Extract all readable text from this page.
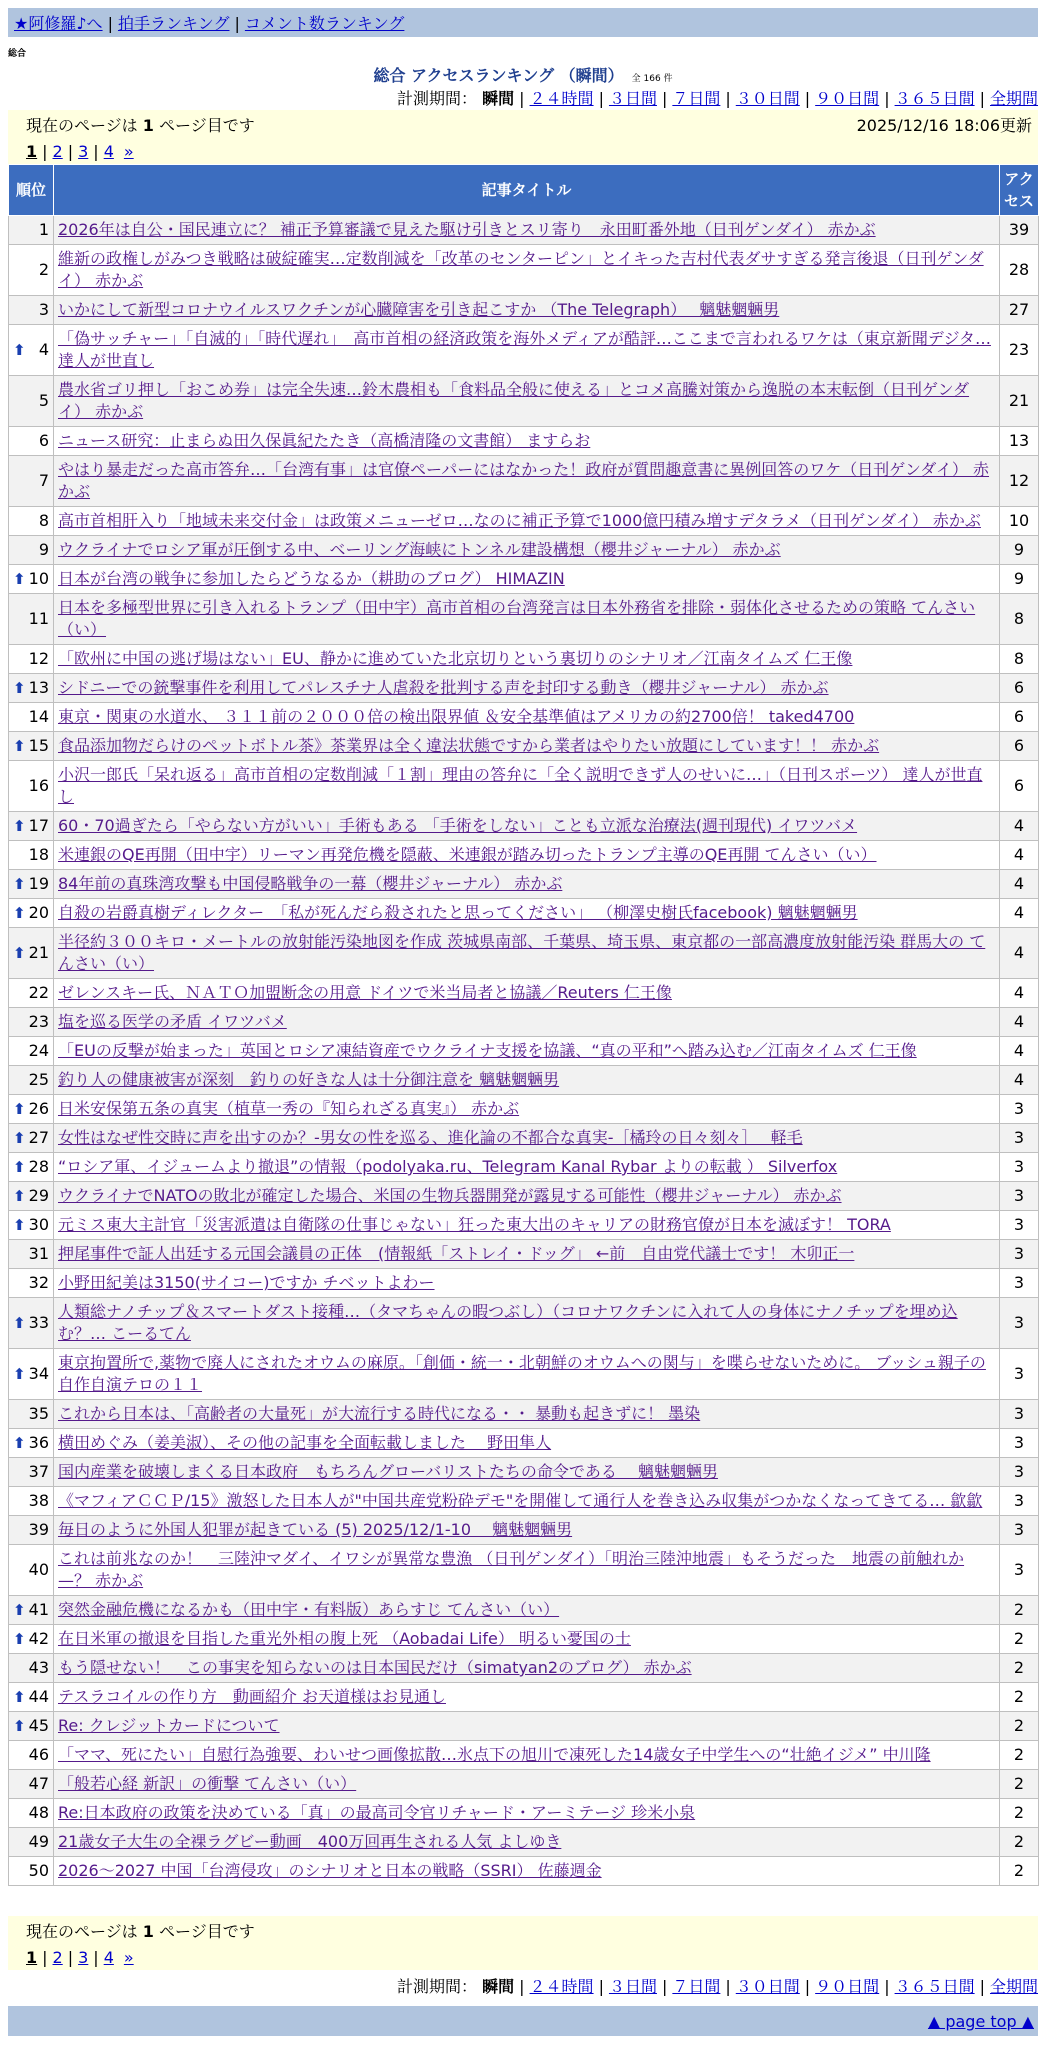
★阿修羅♪へ | 拍手ランキング | コメント数ランキング
総合
総合 アクセスランキング （瞬間） 全 166 件
計測期間： 瞬間 | ２４時間 | ３日間 | ７日間 | ３０日間 | ９０日間 | ３６５日間 | 全期間
現在のページは 1 ページ目です	2025/12/16 18:06更新
1 | 2 | 3 | 4 »
順位	記事タイトル	アクセス
1	2026年は自公・国民連立に？ 補正予算審議で見えた駆け引きとスリ寄り　永田町番外地（日刊ゲンダイ） 赤かぶ	39
2	維新の政権しがみつき戦略は破綻確実…定数削減を「改革のセンターピン」とイキった吉村代表ダサすぎる発言後退（日刊ゲンダイ） 赤かぶ	28
3	いかにして新型コロナウイルスワクチンが心臓障害を引き起こすか （The Telegraph）　 魑魅魍魎男	27

⬆ 4	「偽サッチャー」「自滅的」「時代遅れ」　高市首相の経済政策を海外メディアが酷評…ここまで言われるワケは（東京新聞デジタ… 達人が世直し	23
5	農水省ゴリ押し「おこめ券」は完全失速…鈴木農相も「食料品全般に使える」とコメ高騰対策から逸脱の本末転倒（日刊ゲンダイ） 赤かぶ	21
6	ニュース研究：止まらぬ田久保眞紀たたき（高橋清隆の文書館） ますらお	13
7	やはり暴走だった高市答弁…「台湾有事」は官僚ペーパーにはなかった！政府が質問趣意書に異例回答のワケ（日刊ゲンダイ） 赤かぶ	12
8	高市首相肝入り「地域未来交付金」は政策メニューゼロ…なのに補正予算で1000億円積み増すデタラメ（日刊ゲンダイ） 赤かぶ	10
9	ウクライナでロシア軍が圧倒する中、ベーリング海峡にトンネル建設構想（櫻井ジャーナル） 赤かぶ	9

⬆ 10	日本が台湾の戦争に参加したらどうなるか（耕助のブログ） HIMAZIN	9
11	日本を多極型世界に引き入れるトランプ（田中宇）高市首相の台湾発言は日本外務省を排除・弱体化させるための策略 てんさい（い）	8
12	「欧州に中国の逃げ場はない」EU、静かに進めていた北京切りという裏切りのシナリオ／江南タイムズ 仁王像	8

⬆ 13	シドニーでの銃撃事件を利用してパレスチナ人虐殺を批判する声を封印する動き（櫻井ジャーナル） 赤かぶ	6
14	東京・関東の水道水、 ３１１前の２０００倍の検出限界値 ＆安全基準値はアメリカの約2700倍！ taked4700	6

⬆ 15	食品添加物だらけのペットボトル茶》茶業界は全く違法状態ですから業者はやりたい放題にしています！！ 赤かぶ	6
16	小沢一郎氏「呆れ返る」高市首相の定数削減「１割」理由の答弁に「全く説明できず人のせいに…」（日刊スポーツ） 達人が世直し	6

⬆ 17	60・70過ぎたら「やらない方がいい」手術もある 「手術をしない」ことも立派な治療法(週刊現代) イワツバメ	4
18	米連銀のQE再開（田中宇）リーマン再発危機を隠蔽、米連銀が踏み切ったトランプ主導のQE再開 てんさい（い）	4

⬆ 19	84年前の真珠湾攻撃も中国侵略戦争の一幕（櫻井ジャーナル） 赤かぶ	4

⬆ 20	自殺の岩爵真樹ディレクター　「私が死んだら殺されたと思ってください」 （柳澤史樹氏facebook) 魑魅魍魎男	4

⬆ 21	半径約３００キロ・メートルの放射能汚染地図を作成 茨城県南部、千葉県、埼玉県、東京都の一部高濃度放射能汚染 群馬大の てんさい（い）	4
22	ゼレンスキー氏、ＮＡＴＯ加盟断念の用意 ドイツで米当局者と協議／Reuters 仁王像	4
23	塩を巡る医学の矛盾 イワツバメ	4
24	「EUの反撃が始まった」英国とロシア凍結資産でウクライナ支援を協議、“真の平和”へ踏み込む／江南タイムズ 仁王像	4
25	釣り人の健康被害が深刻　釣りの好きな人は十分御注意を 魑魅魍魎男	4

⬆ 26	日米安保第五条の真実（植草一秀の『知られざる真実』） 赤かぶ	3

⬆ 27	女性はなぜ性交時に声を出すのか？-男女の性を巡る、進化論の不都合な真実-［橘玲の日々刻々］　 軽毛	3

⬆ 28	“ロシア軍、イジュームより撤退”の情報（podolyaka.ru、Telegram Kanal Rybar よりの転載 ） Silverfox	3

⬆ 29	ウクライナでNATOの敗北が確定した場合、米国の生物兵器開発が露見する可能性（櫻井ジャーナル） 赤かぶ	3

⬆ 30	元ミス東大主計官「災害派遣は自衛隊の仕事じゃない」狂った東大出のキャリアの財務官僚が日本を滅ぼす！ TORA	3
31	押尾事件で証人出廷する元国会議員の正体　(情報紙「ストレイ・ドッグ」 ←前　自由党代議士です！ 木卯正一	3
32	小野田紀美は3150(サイコー)ですか チベットよわー	3

⬆ 33	人類総ナノチップ＆スマートダスト接種…（タマちゃんの暇つぶし）（コロナワクチンに入れて人の身体にナノチップを埋め込む？… こーるてん	3

⬆ 34	東京拘置所で,薬物で廃人にされたオウムの麻原。「創価・統一・北朝鮮のオウムへの関与」を喋らせないために。 ブッシュ親子の自作自演テロの１１	3
35	これから日本は、「高齢者の大量死」が大流行する時代になる・・ 暴動も起きずに！ 墨染	3

⬆ 36	横田めぐみ（姜美淑）、その他の記事を全面転載しました　 野田隼人	3
37	国内産業を破壊しまくる日本政府　もちろんグローバリストたちの命令である　 魑魅魍魎男	3
38	《マフィアＣＣＰ/15》激怒した日本人が"中国共産党粉砕デモ"を開催して通行人を巻き込み収集がつかなくなってきてる… 歙歙	3
39	毎日のように外国人犯罪が起きている (5) 2025/12/1-10　 魑魅魍魎男	3
40	これは前兆なのか！　三陸沖マダイ、イワシが異常な豊漁 （日刊ゲンダイ）「明治三陸沖地震」もそうだった　地震の前触れか—？ 赤かぶ	3

⬆ 41	突然金融危機になるかも（田中宇・有料版）あらすじ てんさい（い）	2

⬆ 42	在日米軍の撤退を目指した重光外相の腹上死 （Aobadai Life） 明るい憂国の士	2
43	もう隠せない！　この事実を知らないのは日本国民だけ（simatyan2のブログ） 赤かぶ	2

⬆ 44	テスラコイルの作り方　動画紹介 お天道様はお見通し	2

⬆ 45	Re: クレジットカードについて	2
46	「ママ、死にたい」自慰行為強要、わいせつ画像拡散…氷点下の旭川で凍死した14歳女子中学生への“壮絶イジメ” 中川隆	2
47	「般若心経 新訳」の衝撃 てんさい（い）	2
48	Re:日本政府の政策を決めている「真」の最高司令官リチャード・アーミテージ 珍米小泉	2
49	21歳女子大生の全裸ラグビー動画　400万回再生される人気 よしゆき	2
50	2026～2027 中国「台湾侵攻」のシナリオと日本の戦略（SSRI） 佐藤週金	2
現在のページは 1 ページ目です
1 | 2 | 3 | 4 »
計測期間： 瞬間 | ２４時間 | ３日間 | ７日間 | ３０日間 | ９０日間 | ３６５日間 | 全期間
▲ page top ▲
